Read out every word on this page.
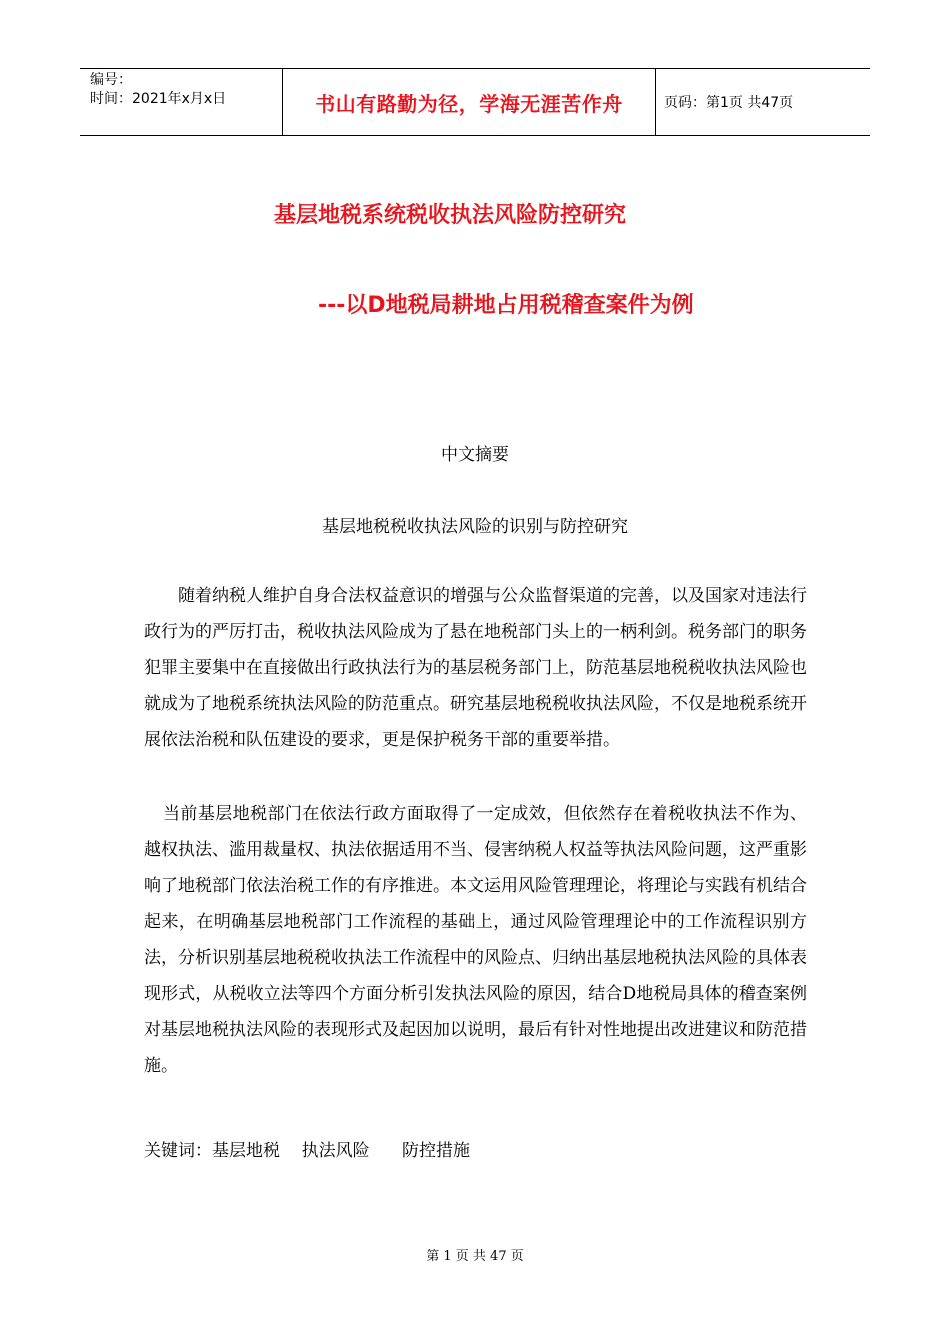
编号：
时间：2021年x月x日	书山有路勤为径，学海无涯苦作舟	页码：第1页 共47页
基层地税系统税收执法风险防控研究
---以D地税局耕地占用税稽查案件为例
中文摘要
基层地税税收执法风险的识别与防控研究
随着纳税人维护自身合法权益意识的增强与公众监督渠道的完善，以及国家对违法行政行为的严厉打击，税收执法风险成为了悬在地税部门头上的一柄利剑。税务部门的职务犯罪主要集中在直接做出行政执法行为的基层税务部门上，防范基层地税税收执法风险也就成为了地税系统执法风险的防范重点。研究基层地税税收执法风险，不仅是地税系统开展依法治税和队伍建设的要求，更是保护税务干部的重要举措。
当前基层地税部门在依法行政方面取得了一定成效，但依然存在着税收执法不作为、越权执法、滥用裁量权、执法依据适用不当、侵害纳税人权益等执法风险问题，这严重影响了地税部门依法治税工作的有序推进。本文运用风险管理理论，将理论与实践有机结合起来，在明确基层地税部门工作流程的基础上，通过风险管理理论中的工作流程识别方法，分析识别基层地税税收执法工作流程中的风险点、归纳出基层地税执法风险的具体表现形式，从税收立法等四个方面分析引发执法风险的原因，结合D地税局具体的稽查案例对基层地税执法风险的表现形式及起因加以说明，最后有针对性地提出改进建议和防范措施。
关键词：基层地税    执法风险      防控措施
第 1 页 共 47 页
